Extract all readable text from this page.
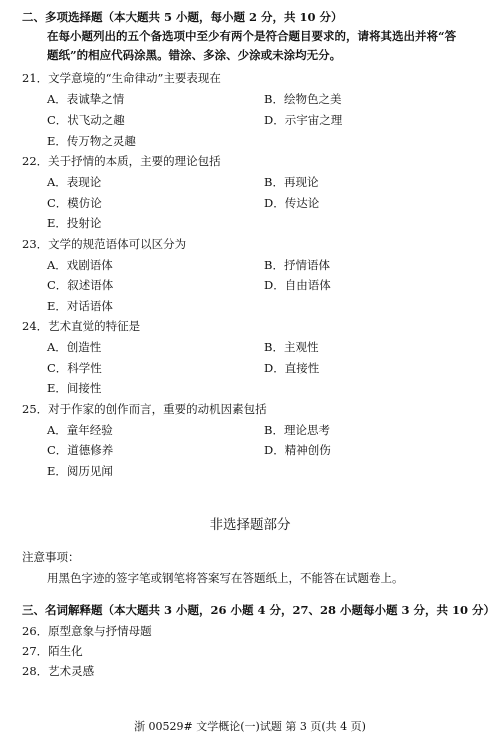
二、多项选择题（本大题共 5 小题，每小题 2 分，共 10 分）
在每小题列出的五个备选项中至少有两个是符合题目要求的，请将其选出并将“答
题纸”的相应代码涂黑。错涂、多涂、少涂或未涂均无分。
21．文学意境的“生命律动”主要表现在
A．表诚挚之情	B．绘物色之美
C．状飞动之趣	D．示宇宙之理
E．传万物之灵趣
22．关于抒情的本质，主要的理论包括
A．表现论	B．再现论
C．模仿论	D．传达论
E．投射论
23．文学的规范语体可以区分为
A．戏剧语体	B．抒情语体
C．叙述语体	D．自由语体
E．对话语体
24．艺术直觉的特征是
A．创造性	B．主观性
C．科学性	D．直接性
E．间接性
25．对于作家的创作而言，重要的动机因素包括
A．童年经验	B．理论思考
C．道德修养	D．精神创伤
E．阅历见闻
非选择题部分
注意事项：
用黑色字迹的签字笔或钢笔将答案写在答题纸上，不能答在试题卷上。
三、名词解释题（本大题共 3 小题，26 小题 4 分，27、28 小题每小题 3 分，共 10 分）
26．原型意象与抒情母题
27．陌生化
28．艺术灵感
浙 00529# 文学概论(一)试题 第 3 页(共 4 页)
